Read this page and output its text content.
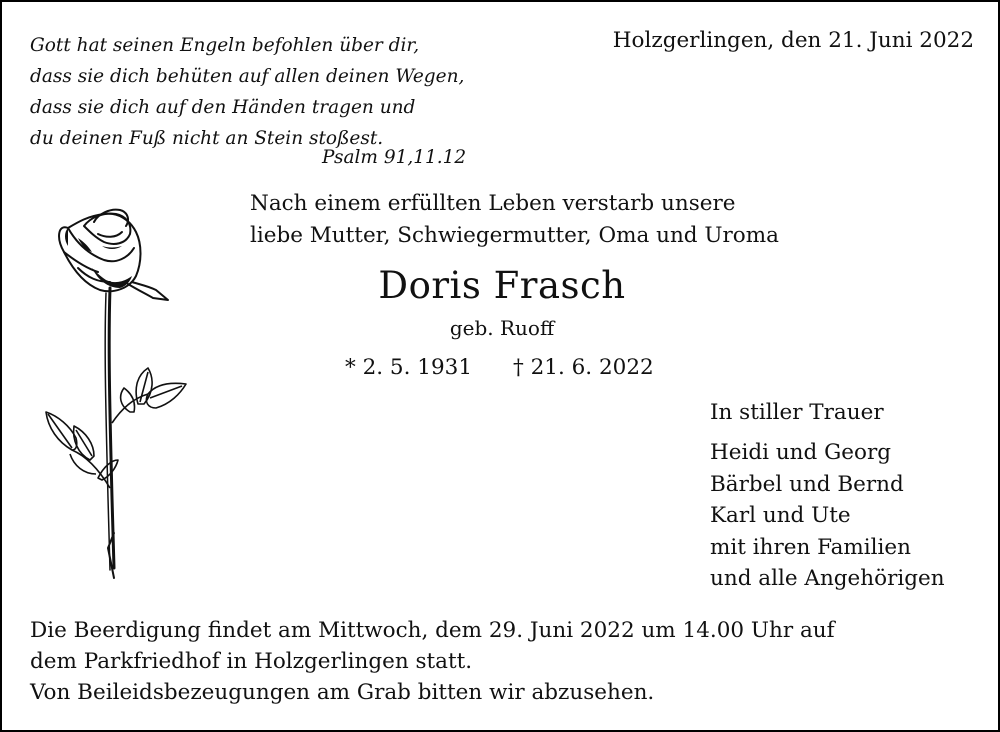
Gott hat seinen Engeln befohlen über dir,
dass sie dich behüten auf allen deinen Wegen,
dass sie dich auf den Händen tragen und
du deinen Fuß nicht an Stein stoßest.
Psalm 91,11.12
Holzgerlingen, den 21. Juni 2022
Nach einem erfüllten Leben verstarb unsere
liebe Mutter, Schwiegermutter, Oma und Uroma
Doris Frasch
geb. Ruoff
* 2. 5. 1931 † 21. 6. 2022
In stiller Trauer
Heidi und Georg
Bärbel und Bernd
Karl und Ute
mit ihren Familien
und alle Angehörigen
Die Beerdigung findet am Mittwoch, dem 29. Juni 2022 um 14.00 Uhr auf
dem Parkfriedhof in Holzgerlingen statt.
Von Beileidsbezeugungen am Grab bitten wir abzusehen.
